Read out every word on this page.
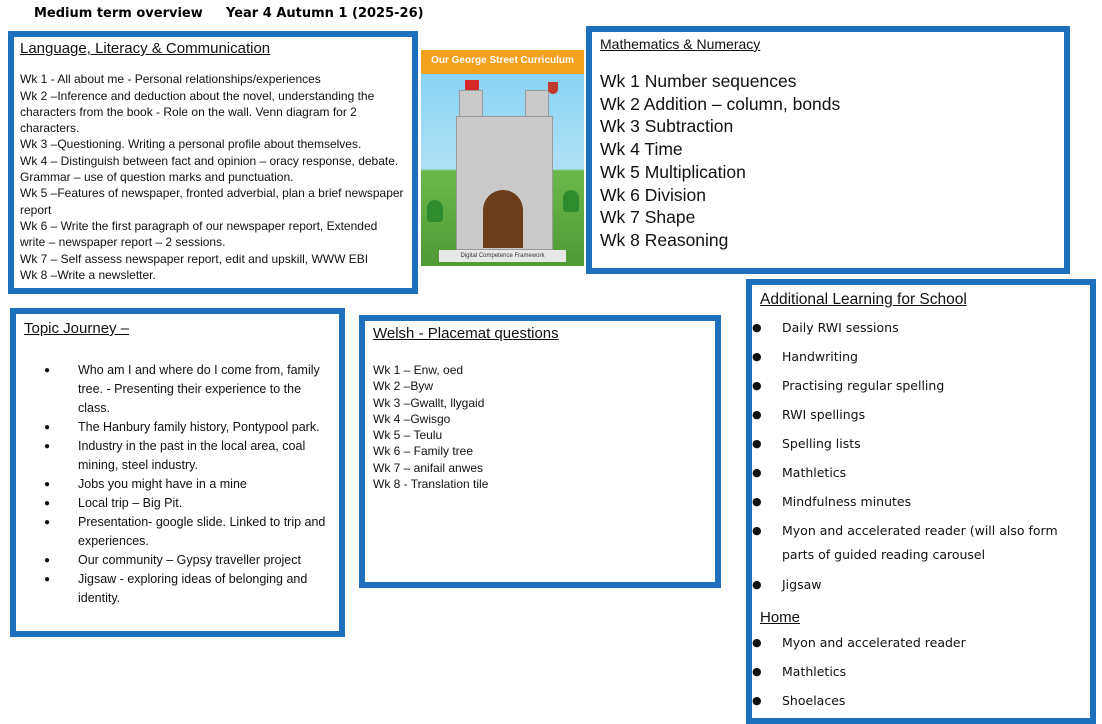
Medium term overview Year 4 Autumn 1 (2025-26)
Language, Literacy & Communication
Wk 1 - All about me - Personal relationships/experiences
Wk 2 –Inference and deduction about the novel, understanding the
characters from the book - Role on the wall. Venn diagram for 2
characters.
Wk 3 –Questioning. Writing a personal profile about themselves.
Wk 4 – Distinguish between fact and opinion – oracy response, debate.
Grammar – use of question marks and punctuation.
Wk 5 –Features of newspaper, fronted adverbial, plan a brief newspaper
report
Wk 6 – Write the first paragraph of our newspaper report, Extended
write – newspaper report – 2 sessions.
Wk 7 – Self assess newspaper report, edit and upskill, WWW EBI
Wk 8 –Write a newsletter.
Our George Street Curriculum
Digital Competence Framework
Mathematics & Numeracy
Wk 1 Number sequences
Wk 2 Addition – column, bonds
Wk 3 Subtraction
Wk 4 Time
Wk 5 Multiplication
Wk 6 Division
Wk 7 Shape
Wk 8 Reasoning
Topic Journey –
● Who am I and where do I come from, family tree. - Presenting their experience to the class.
● The Hanbury family history, Pontypool park.
● Industry in the past in the local area, coal mining, steel industry.
● Jobs you might have in a mine
● Local trip – Big Pit.
● Presentation- google slide. Linked to trip and experiences.
● Our community – Gypsy traveller project
● Jigsaw - exploring ideas of belonging and identity.
Welsh - Placemat questions
Wk 1 – Enw, oed
Wk 2 –Byw
Wk 3 –Gwallt, llygaid
Wk 4 –Gwisgo
Wk 5 – Teulu
Wk 6 – Family tree
Wk 7 – anifail anwes
Wk 8 - Translation tile
Additional Learning for School
● Daily RWI sessions
● Handwriting
● Practising regular spelling
● RWI spellings
● Spelling lists
● Mathletics
● Mindfulness minutes
● Myon and accelerated reader (will also form parts of guided reading carousel
● Jigsaw
Home
● Myon and accelerated reader
● Mathletics
● Shoelaces
